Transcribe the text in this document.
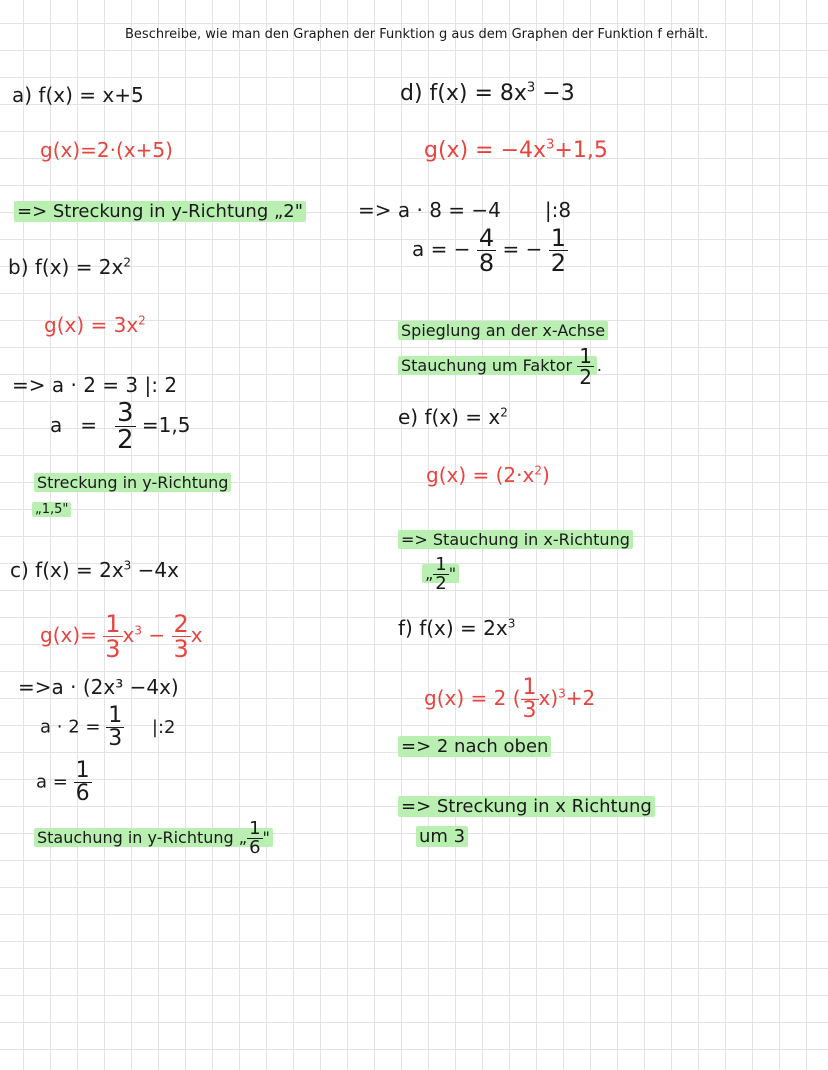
Beschreibe, wie man den Graphen der Funktion g aus dem Graphen der Funktion f erhält.
a) f(x) = x+5
g(x)=2·(x+5)
=> Streckung in y-Richtung „2"
b) $f(x) = 2x^2$
$g(x) = 3x^2$
=> a · 2 = 3 |: 2
$a = \frac{3}{2} =1,5$
Streckung in y-Richtung
„1,5"
c) $f(x) = 2x^3 -4x$
$g(x)= \frac{1}{3} x^3 - \frac{2}{3}$ x
=>a · (2x³ −4x)
$a \cdot 2 = \frac{1}{3}$ |:2
$a = \frac{1}{6}$
Stauchung in y-Richtung „ $\frac{1}{6}$ "
d) $f(x) = 8x^3 -3$
$g(x) = -4x^3+1,5$
=> a · 8 = −4 |:8
a = − $\frac{4}{8}$ = − $\frac{1}{2}$
Spieglung an der x-Achse
Stauchung um Faktor $\frac{1}{2}$ .
e) $f(x) = x^2$
$g(x) = (2\cdot x^2)$
=> Stauchung in x-Richtung
„ $\frac{1}{2}$ "
f) $f(x) = 2x^3$
g(x) = 2 ( $\frac{1}{3} x)^3+2$
=> 2 nach oben
=> Streckung in x Richtung
um 3
